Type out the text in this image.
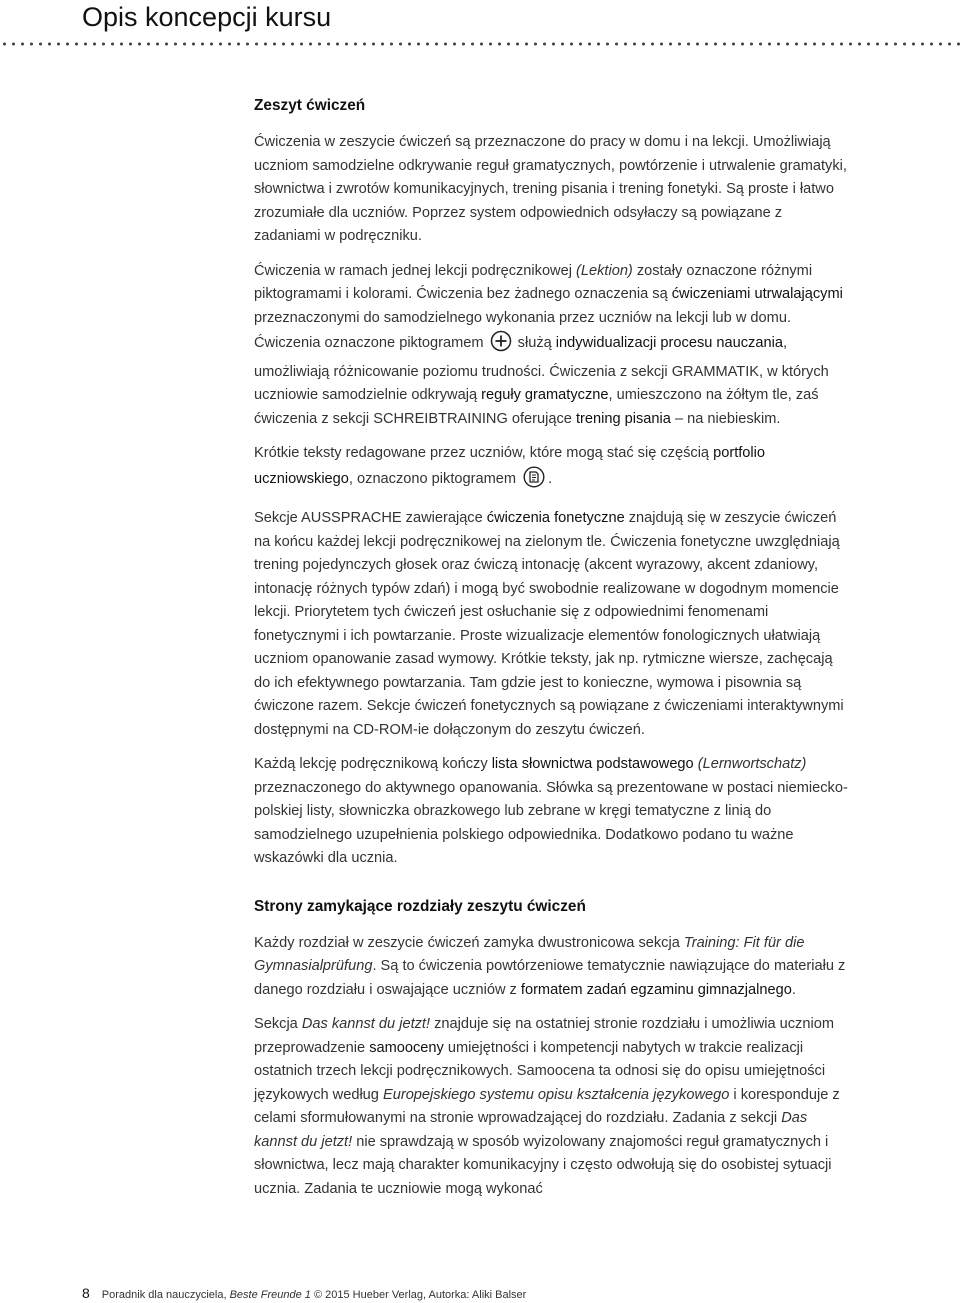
Opis koncepcji kursu
Zeszyt ćwiczeń

Ćwiczenia w zeszycie ćwiczeń są przeznaczone do pracy w domu i na lekcji. Umożliwiają uczniom samodzielne odkrywanie reguł gramatycznych, powtórzenie i utrwalenie gramatyki, słownictwa i zwrotów komunikacyjnych, trening pisania i trening fonetyki. Są proste i łatwo zrozumiałe dla uczniów. Poprzez system odpowiednich odsyłaczy są powiązane z zadaniami w podręczniku.

Ćwiczenia w ramach jednej lekcji podręcznikowej (Lektion) zostały oznaczone różnymi piktogramami i kolorami. Ćwiczenia bez żadnego oznaczenia są ćwiczeniami utrwalającymi przeznaczonymi do samodzielnego wykonania przez uczniów na lekcji lub w domu. Ćwiczenia oznaczone piktogramem  służą indywidualizacji procesu nauczania, umożliwiają różnicowanie poziomu trudności. Ćwiczenia z sekcji GRAMMATIK, w których uczniowie samodzielnie odkrywają reguły gramatyczne, umieszczono na żółtym tle, zaś ćwiczenia z sekcji SCHREIBTRAINING oferujące trening pisania – na niebieskim.

Krótkie teksty redagowane przez uczniów, które mogą stać się częścią portfolio uczniowskiego, oznaczono piktogramem .

Sekcje AUSSPRACHE zawierające ćwiczenia fonetyczne znajdują się w zeszycie ćwiczeń na końcu każdej lekcji podręcznikowej na zielonym tle. Ćwiczenia fonetyczne uwzględniają trening pojedynczych głosek oraz ćwiczą intonację (akcent wyrazowy, akcent zdaniowy, intonację różnych typów zdań) i mogą być swobodnie realizowane w dogodnym momencie lekcji. Priorytetem tych ćwiczeń jest osłuchanie się z odpowiednimi fenomenami fonetycznymi i ich powtarzanie. Proste wizualizacje elementów fonologicznych ułatwiają uczniom opanowanie zasad wymowy. Krótkie teksty, jak np. rytmiczne wiersze, zachęcają do ich efektywnego powtarzania. Tam gdzie jest to konieczne, wymowa i pisownia są ćwiczone razem. Sekcje ćwiczeń fonetycznych są powiązane z ćwiczeniami interaktywnymi dostępnymi na CD-ROM-ie dołączonym do zeszytu ćwiczeń.

Każdą lekcję podręcznikową kończy lista słownictwa podstawowego (Lernwortschatz) przeznaczonego do aktywnego opanowania. Słówka są prezentowane w postaci niemiecko-polskiej listy, słowniczka obrazkowego lub zebrane w kręgi tematyczne z linią do samodzielnego uzupełnienia polskiego odpowiednika. Dodatkowo podano tu ważne wskazówki dla ucznia.

Strony zamykające rozdziały zeszytu ćwiczeń

Każdy rozdział w zeszycie ćwiczeń zamyka dwustronicowa sekcja Training: Fit für die Gymnasialprüfung. Są to ćwiczenia powtórzeniowe tematycznie nawiązujące do materiału z danego rozdziału i oswajające uczniów z formatem zadań egzaminu gimnazjalnego.

Sekcja Das kannst du jetzt! znajduje się na ostatniej stronie rozdziału i umożliwia uczniom przeprowadzenie samooceny umiejętności i kompetencji nabytych w trakcie realizacji ostatnich trzech lekcji podręcznikowych. Samoocena ta odnosi się do opisu umiejętności językowych według Europejskiego systemu opisu kształcenia językowego i koresponduje z celami sformułowanymi na stronie wprowadzającej do rozdziału. Zadania z sekcji Das kannst du jetzt! nie sprawdzają w sposób wyizolowany znajomości reguł gramatycznych i słownictwa, lecz mają charakter komunikacyjny i często odwołują się do osobistej sytuacji ucznia. Zadania te uczniowie mogą wykonać

8 Poradnik dla nauczyciela, Beste Freunde 1 © 2015 Hueber Verlag, Autorka: Aliki Balser
